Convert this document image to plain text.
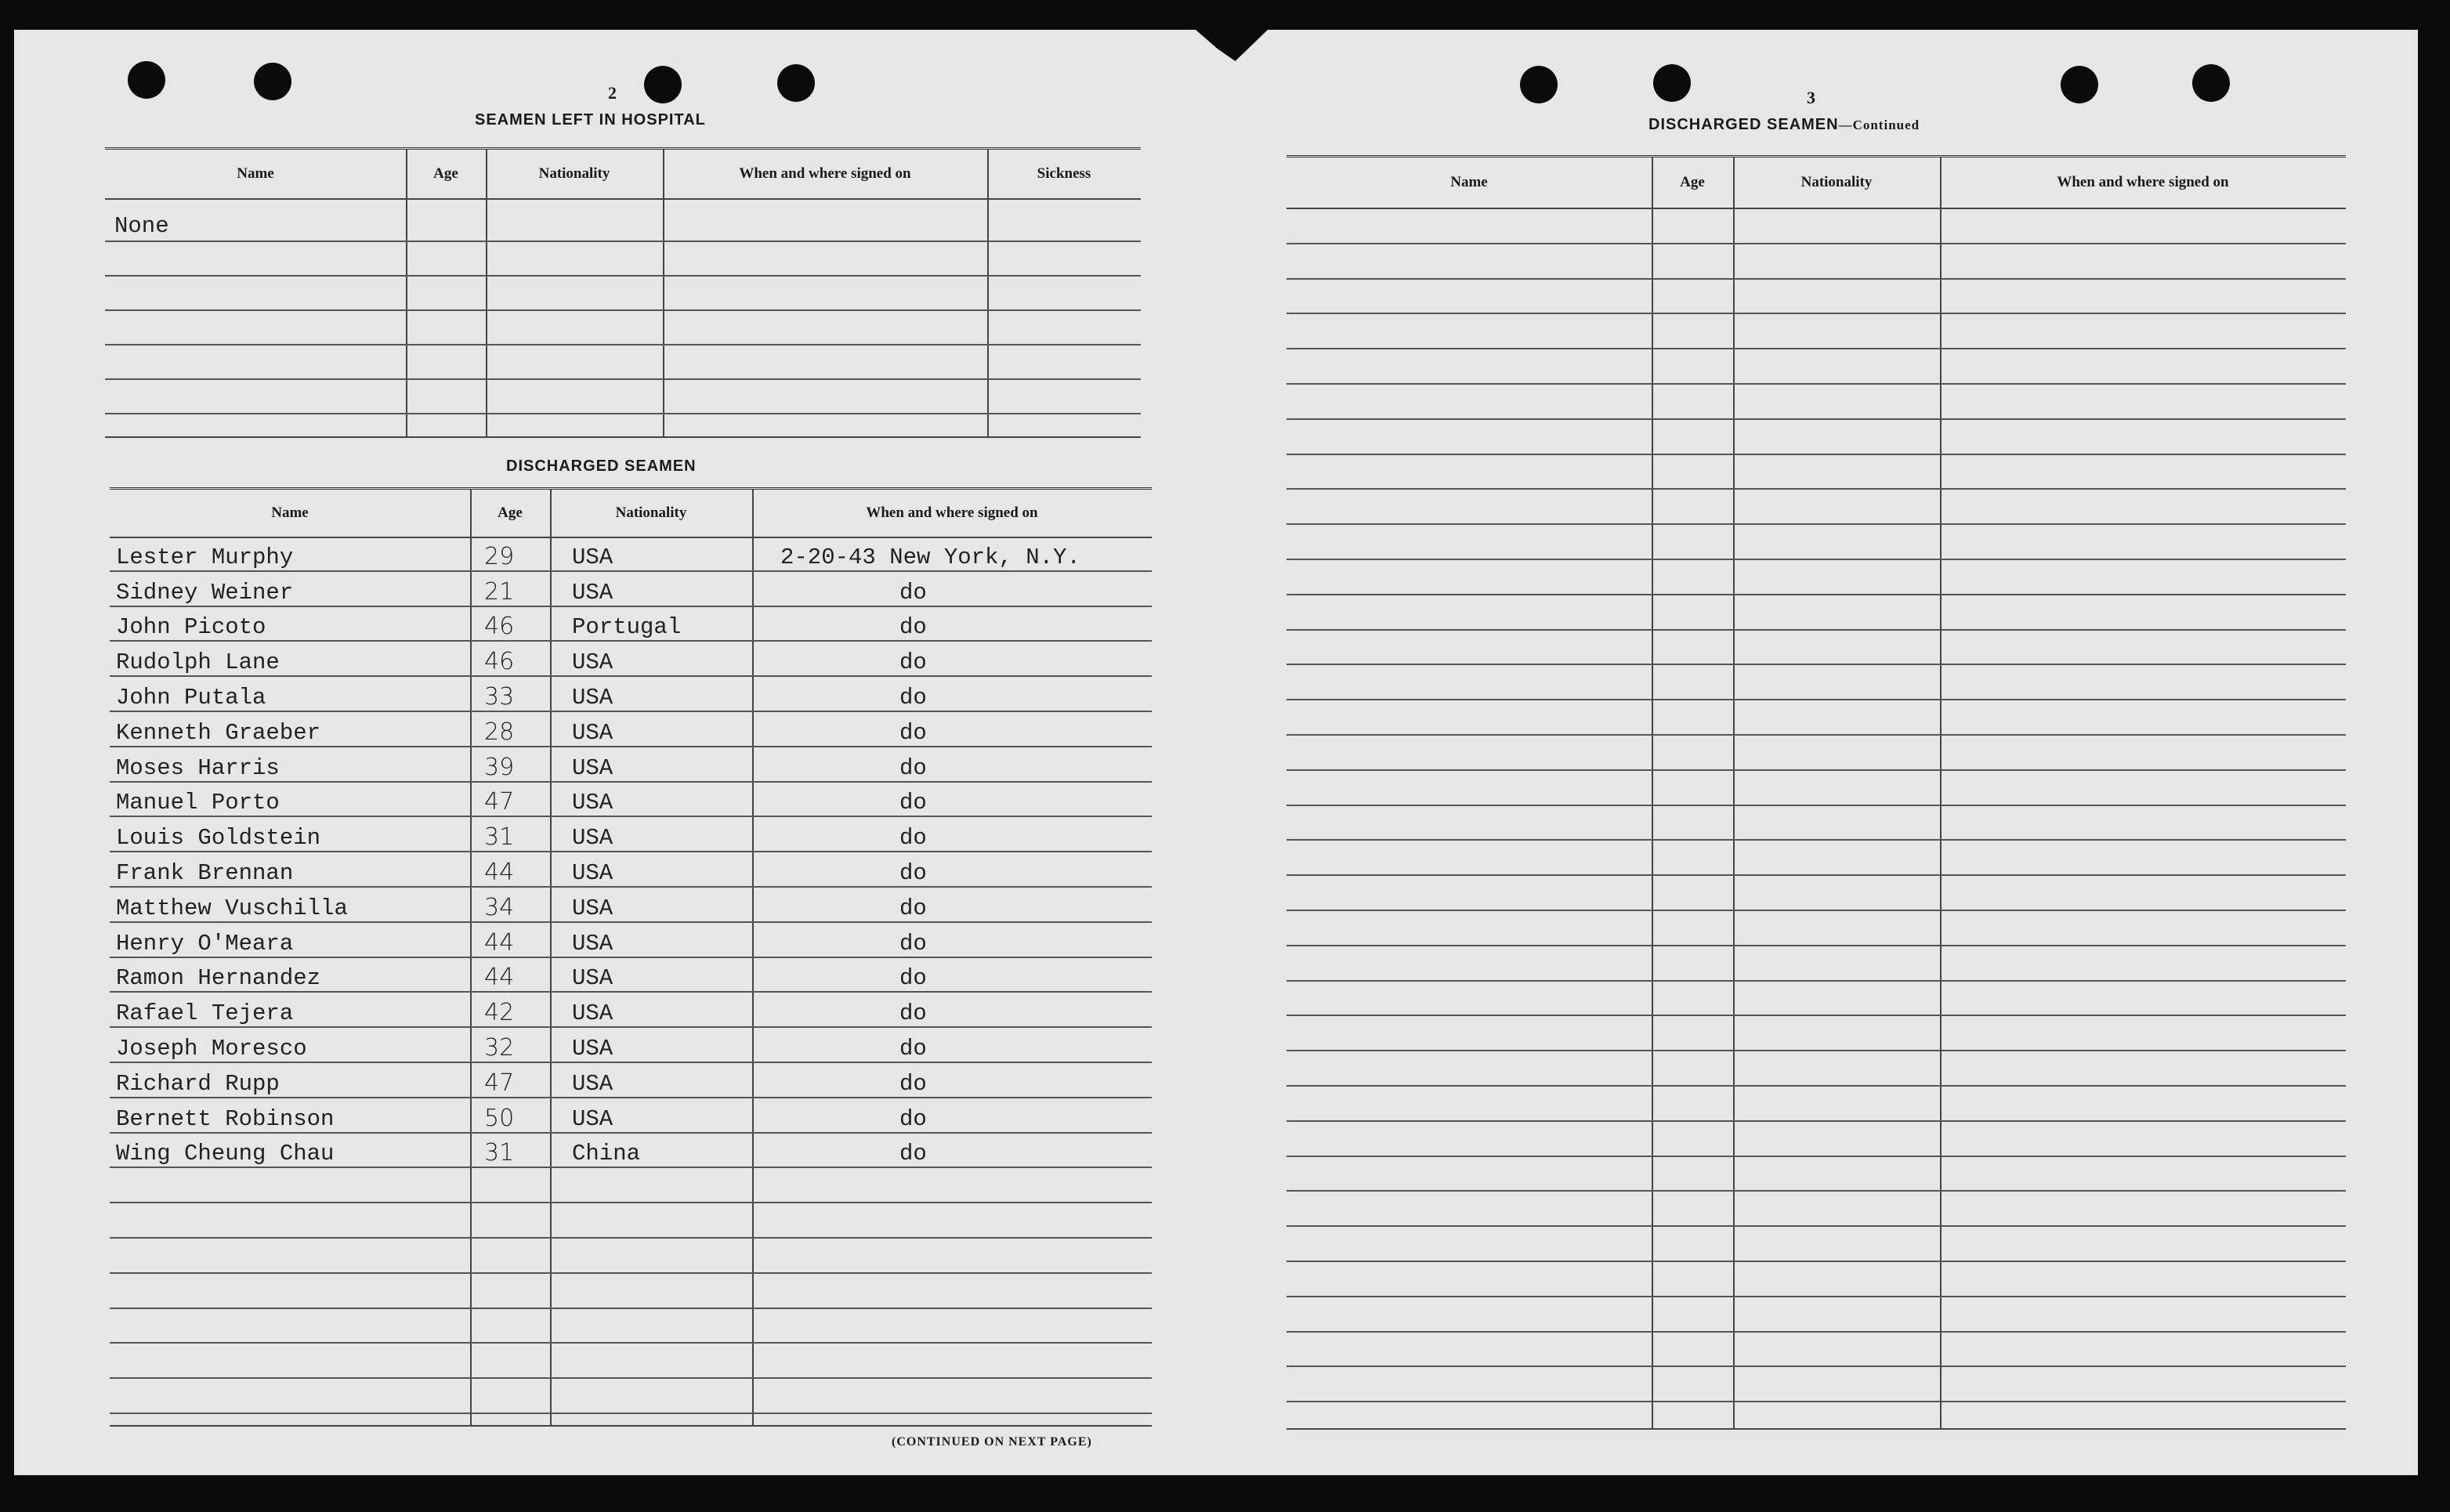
2
SEAMEN LEFT IN HOSPITAL
Name	Age	Nationality	When and where signed on	Sickness
None
DISCHARGED SEAMEN
Name	Age	Nationality	When and where signed on
Lester Murphy	29	USA	2-20-43 New York, N.Y.
Sidney Weiner	21	USA	do
John Picoto	46	Portugal	do
Rudolph Lane	46	USA	do
John Putala	33	USA	do
Kenneth Graeber	28	USA	do
Moses Harris	39	USA	do
Manuel Porto	47	USA	do
Louis Goldstein	31	USA	do
Frank Brennan	44	USA	do
Matthew Vuschilla	34	USA	do
Henry O'Meara	44	USA	do
Ramon Hernandez	44	USA	do
Rafael Tejera	42	USA	do
Joseph Moresco	32	USA	do
Richard Rupp	47	USA	do
Bernett Robinson	50	USA	do
Wing Cheung Chau	31	China	do
(CONTINUED ON NEXT PAGE)
3
DISCHARGED SEAMEN—Continued
Name	Age	Nationality	When and where signed on
